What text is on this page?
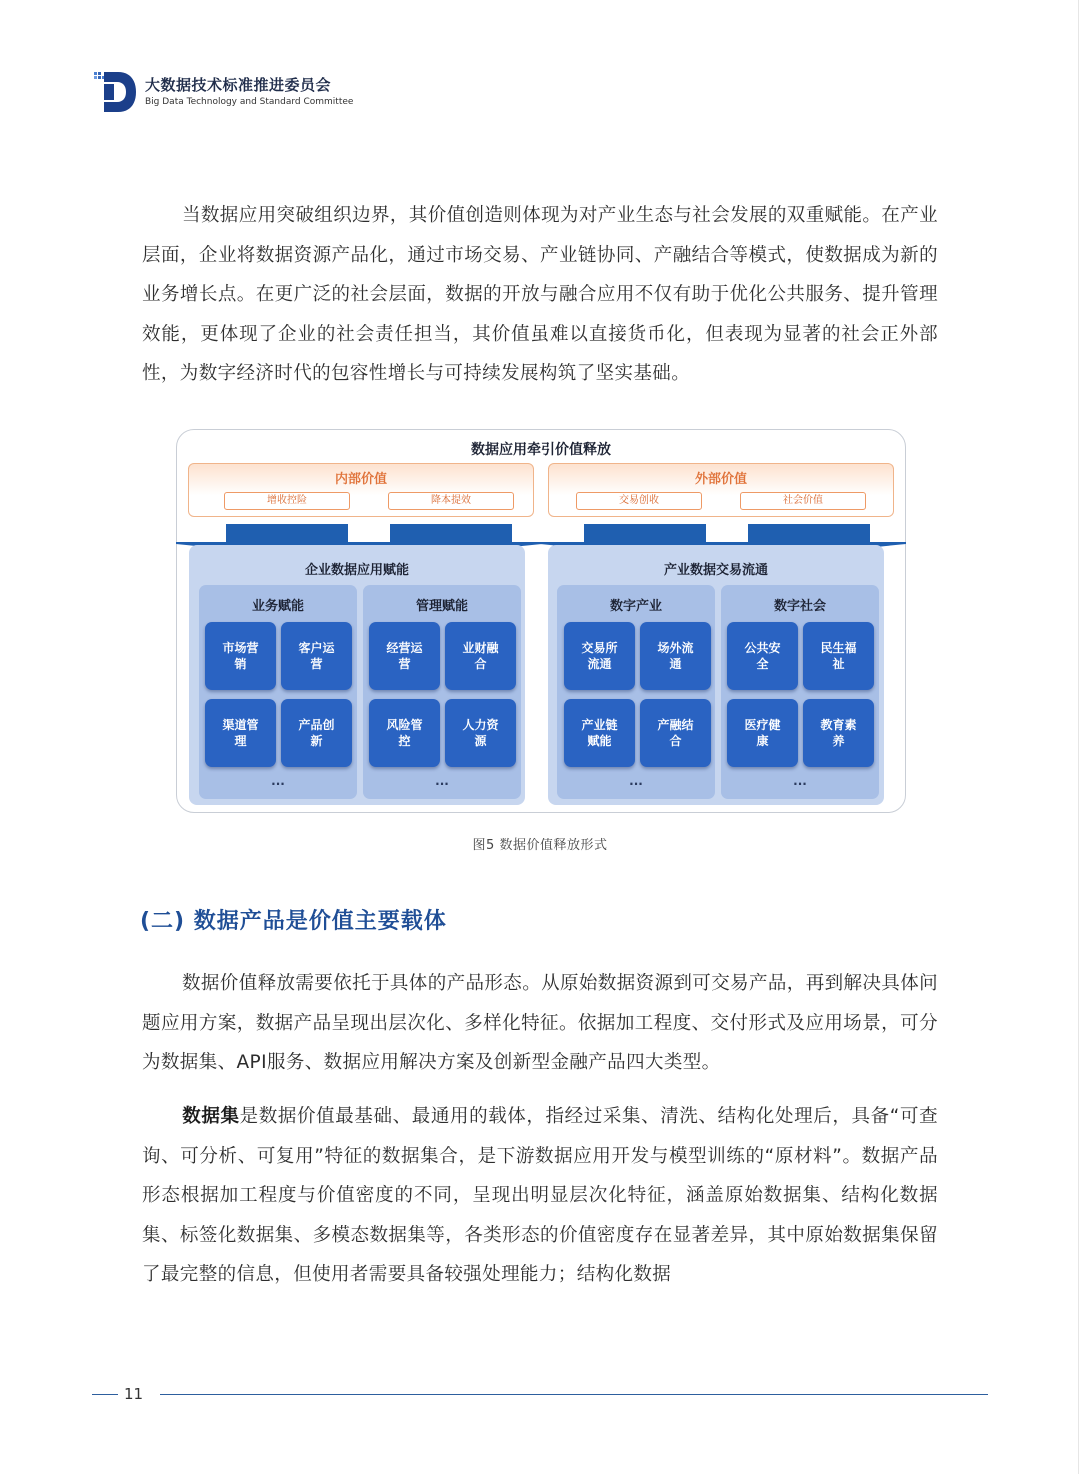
大数据技术标准推进委员会
Big Data Technology and Standard Committee

当数据应用突破组织边界，其价值创造则体现为对产业生态与社会发展的双重赋能。在产业层面，企业将数据资源产品化，通过市场交易、产业链协同、产融结合等模式，使数据成为新的业务增长点。在更广泛的社会层面，数据的开放与融合应用不仅有助于优化公共服务、提升管理效能，更体现了企业的社会责任担当，其价值虽难以直接货币化，但表现为显著的社会正外部性，为数字经济时代的包容性增长与可持续发展构筑了坚实基础。

数据应用牵引价值释放
内部价值
增收控险	降本提效
外部价值
交易创收	社会价值
企业数据应用赋能
业务赋能
市场营销
客户运营
渠道管理
产品创新
...
管理赋能
经营运营
业财融合
风险管控
人力资源
...
产业数据交易流通
数字产业
交易所流通
场外流通
产业链赋能
产融结合
...
数字社会
公共安全
民生福祉
医疗健康
教育素养
...
图5 数据价值释放形式
(二) 数据产品是价值主要载体

数据价值释放需要依托于具体的产品形态。从原始数据资源到可交易产品，再到解决具体问题应用方案，数据产品呈现出层次化、多样化特征。依据加工程度、交付形式及应用场景，可分为数据集、API服务、数据应用解决方案及创新型金融产品四大类型。

数据集是数据价值最基础、最通用的载体，指经过采集、清洗、结构化处理后，具备“可查询、可分析、可复用”特征的数据集合，是下游数据应用开发与模型训练的“原材料”。数据产品形态根据加工程度与价值密度的不同，呈现出明显层次化特征，涵盖原始数据集、结构化数据集、标签化数据集、多模态数据集等，各类形态的价值密度存在显著差异，其中原始数据集保留了最完整的信息，但使用者需要具备较强处理能力；结构化数据

11
